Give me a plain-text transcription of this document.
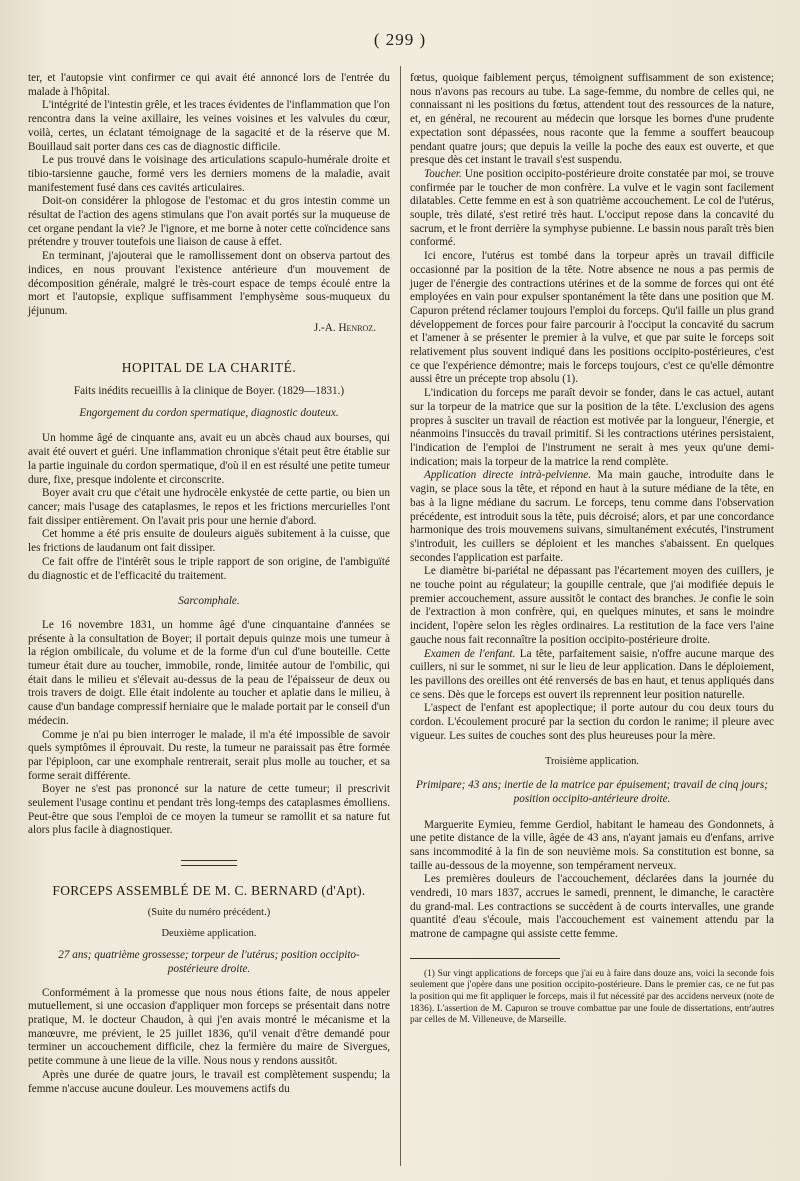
( 299 )

ter, et l'autopsie vint confirmer ce qui avait été annoncé lors de l'entrée du malade à l'hôpital.

L'intégrité de l'intestin grêle, et les traces évidentes de l'inflammation que l'on rencontra dans la veine axillaire, les veines voisines et les valvules du cœur, voilà, certes, un éclatant témoignage de la sagacité et de la réserve que M. Bouillaud sait porter dans ces cas de diagnostic difficile.

Le pus trouvé dans le voisinage des articulations scapulo-humérale droite et tibio-tarsienne gauche, formé vers les derniers momens de la maladie, avait manifestement fusé dans ces cavités articulaires.

Doit-on considérer la phlogose de l'estomac et du gros intestin comme un résultat de l'action des agens stimulans que l'on avait portés sur la muqueuse de cet organe pendant la vie? Je l'ignore, et me borne à noter cette coïncidence sans prétendre y trouver toutefois une liaison de cause à effet.

En terminant, j'ajouterai que le ramollissement dont on observa partout des indices, en nous prouvant l'existence antérieure d'un mouvement de décomposition générale, malgré le très-court espace de temps écoulé entre la mort et l'autopsie, explique suffisamment l'emphysème sous-muqueux du jéjunum.

J.-A. Henroz.
HOPITAL DE LA CHARITÉ.
Faits inédits recueillis à la clinique de Boyer. (1829—1831.)
Engorgement du cordon spermatique, diagnostic douteux.

Un homme âgé de cinquante ans, avait eu un abcès chaud aux bourses, qui avait été ouvert et guéri. Une inflammation chronique s'était peut être établie sur la partie inguinale du cordon spermatique, d'où il en est résulté une petite tumeur dure, fixe, presque indolente et circonscrite.

Boyer avait cru que c'était une hydrocèle enkystée de cette partie, ou bien un cancer; mais l'usage des cataplasmes, le repos et les frictions mercurielles l'ont fait dissiper entièrement. On l'avait pris pour une hernie d'abord.

Cet homme a été pris ensuite de douleurs aiguës subitement à la cuisse, que les frictions de laudanum ont fait dissiper.

Ce fait offre de l'intérêt sous le triple rapport de son origine, de l'ambiguïté du diagnostic et de l'efficacité du traitement.

Sarcomphale.

Le 16 novembre 1831, un homme âgé d'une cinquantaine d'années se présente à la consultation de Boyer; il portait depuis quinze mois une tumeur à la région ombilicale, du volume et de la forme d'un cul d'une bouteille. Cette tumeur était dure au toucher, immobile, ronde, limitée autour de l'ombilic, qui était dans le milieu et s'élevait au-dessus de la peau de l'épaisseur de deux ou trois travers de doigt. Elle était indolente au toucher et aplatie dans le milieu, à cause d'un bandage compressif herniaire que le malade portait par le conseil d'un médecin.

Comme je n'ai pu bien interroger le malade, il m'a été impossible de savoir quels symptômes il éprouvait. Du reste, la tumeur ne paraissait pas être formée par l'épiploon, car une exomphale rentrerait, serait plus molle au toucher, et sa forme serait différente.

Boyer ne s'est pas prononcé sur la nature de cette tumeur; il prescrivit seulement l'usage continu et pendant très long-temps des cataplasmes émolliens. Peut-être que sous l'emploi de ce moyen la tumeur se ramollit et sa nature fut alors plus facile à diagnostiquer.

FORCEPS ASSEMBLÉ DE M. C. BERNARD (d'Apt).
(Suite du numéro précédent.)
Deuxième application.
27 ans; quatrième grossesse; torpeur de l'utérus; position occipito-postérieure droite.

Conformément à la promesse que nous nous étions faite, de nous appeler mutuellement, si une occasion d'appliquer mon forceps se présentait dans notre pratique, M. le docteur Chaudon, à qui j'en avais montré le mécanisme et la manœuvre, me prévient, le 25 juillet 1836, qu'il venait d'être demandé pour terminer un accouchement difficile, chez la fermière du maire de Sivergues, petite commune à une lieue de la ville. Nous nous y rendons aussitôt.

Après une durée de quatre jours, le travail est complètement suspendu; la femme n'accuse aucune douleur. Les mouvemens actifs du

fœtus, quoique faiblement perçus, témoignent suffisamment de son existence; nous n'avons pas recours au tube. La sage-femme, du nombre de celles qui, ne connaissant ni les positions du fœtus, attendent tout des ressources de la nature, et, en général, ne recourent au médecin que lorsque les bornes d'une prudente expectation sont dépassées, nous raconte que la femme a souffert beaucoup pendant quatre jours; que depuis la veille la poche des eaux est ouverte, et que presque dès cet instant le travail s'est suspendu.

Toucher. Une position occipito-postérieure droite constatée par moi, se trouve confirmée par le toucher de mon confrère. La vulve et le vagin sont facilement dilatables. Cette femme en est à son quatrième accouchement. Le col de l'utérus, souple, très dilaté, s'est retiré très haut. L'occiput repose dans la concavité du sacrum, et le front derrière la symphyse pubienne. Le bassin nous paraît très bien conformé.

Ici encore, l'utérus est tombé dans la torpeur après un travail difficile occasionné par la position de la tête. Notre absence ne nous a pas permis de juger de l'énergie des contractions utérines et de la somme de forces qui ont été employées en vain pour expulser spontanément la tête dans une position que M. Capuron prétend réclamer toujours l'emploi du forceps. Qu'il faille un plus grand développement de forces pour faire parcourir à l'occiput la concavité du sacrum et l'amener à se présenter le premier à la vulve, et que par suite le forceps soit relativement plus souvent indiqué dans les positions occipito-postérieures, c'est ce que l'expérience démontre; mais le forceps toujours, c'est ce qu'elle démontre aussi être un précepte trop absolu (1).

L'indication du forceps me paraît devoir se fonder, dans le cas actuel, autant sur la torpeur de la matrice que sur la position de la tête. L'exclusion des agens propres à susciter un travail de réaction est motivée par la longueur, l'énergie, et néanmoins l'insuccès du travail primitif. Si les contractions utérines persistaient, l'indication de l'emploi de l'instrument ne serait à mes yeux qu'une demi-indication; mais la torpeur de la matrice la rend complète.

Application directe intrà-pelvienne. Ma main gauche, introduite dans le vagin, se place sous la tête, et répond en haut à la suture médiane de la tête, en bas à la ligne médiane du sacrum. Le forceps, tenu comme dans l'observation précédente, est introduit sous la tête, puis décroisé; alors, et par une concordance harmonique des trois mouvemens suivans, simultanément exécutés, l'instrument s'introduit, les cuillers se déploient et les manches s'abaissent. En quelques secondes l'application est parfaite.

Le diamètre bi-pariétal ne dépassant pas l'écartement moyen des cuillers, je ne touche point au régulateur; la goupille centrale, que j'ai modifiée depuis le premier accouchement, assure aussitôt le contact des branches. Je confie le soin de l'extraction à mon confrère, qui, en quelques minutes, et sans le moindre incident, l'opère selon les règles ordinaires. La restitution de la face vers l'aine gauche nous fait reconnaître la position occipito-postérieure droite.

Examen de l'enfant. La tête, parfaitement saisie, n'offre aucune marque des cuillers, ni sur le sommet, ni sur le lieu de leur application. Dans le déploiement, les pavillons des oreilles ont été renversés de bas en haut, et tenus appliqués dans ce sens. Dès que le forceps est ouvert ils reprennent leur position naturelle.

L'aspect de l'enfant est apoplectique; il porte autour du cou deux tours du cordon. L'écoulement procuré par la section du cordon le ranime; il pleure avec vigueur. Les suites de couches sont des plus heureuses pour la mère.

Troisième application.
Primipare; 43 ans; inertie de la matrice par épuisement; travail de cinq jours; position occipito-antérieure droite.

Marguerite Eymieu, femme Gerdiol, habitant le hameau des Gondonnets, à une petite distance de la ville, âgée de 43 ans, n'ayant jamais eu d'enfans, arrive sans incommodité à la fin de son neuvième mois. Sa constitution est bonne, sa taille au-dessous de la moyenne, son tempérament nerveux.

Les premières douleurs de l'accouchement, déclarées dans la journée du vendredi, 10 mars 1837, accrues le samedi, prennent, le dimanche, le caractère du grand-mal. Les contractions se succèdent à de courts intervalles, une grande quantité d'eau s'écoule, mais l'accouchement est vainement attendu par la matrone de campagne qui assiste cette femme.

(1) Sur vingt applications de forceps que j'ai eu à faire dans douze ans, voici la seconde fois seulement que j'opère dans une position occipito-postérieure. Dans le premier cas, ce ne fut pas la position qui me fit appliquer le forceps, mais il fut nécessité par des accidens nerveux (note de 1836). L'assertion de M. Capuron se trouve combattue par une foule de dissertations, entr'autres par celles de M. Villeneuve, de Marseille.
